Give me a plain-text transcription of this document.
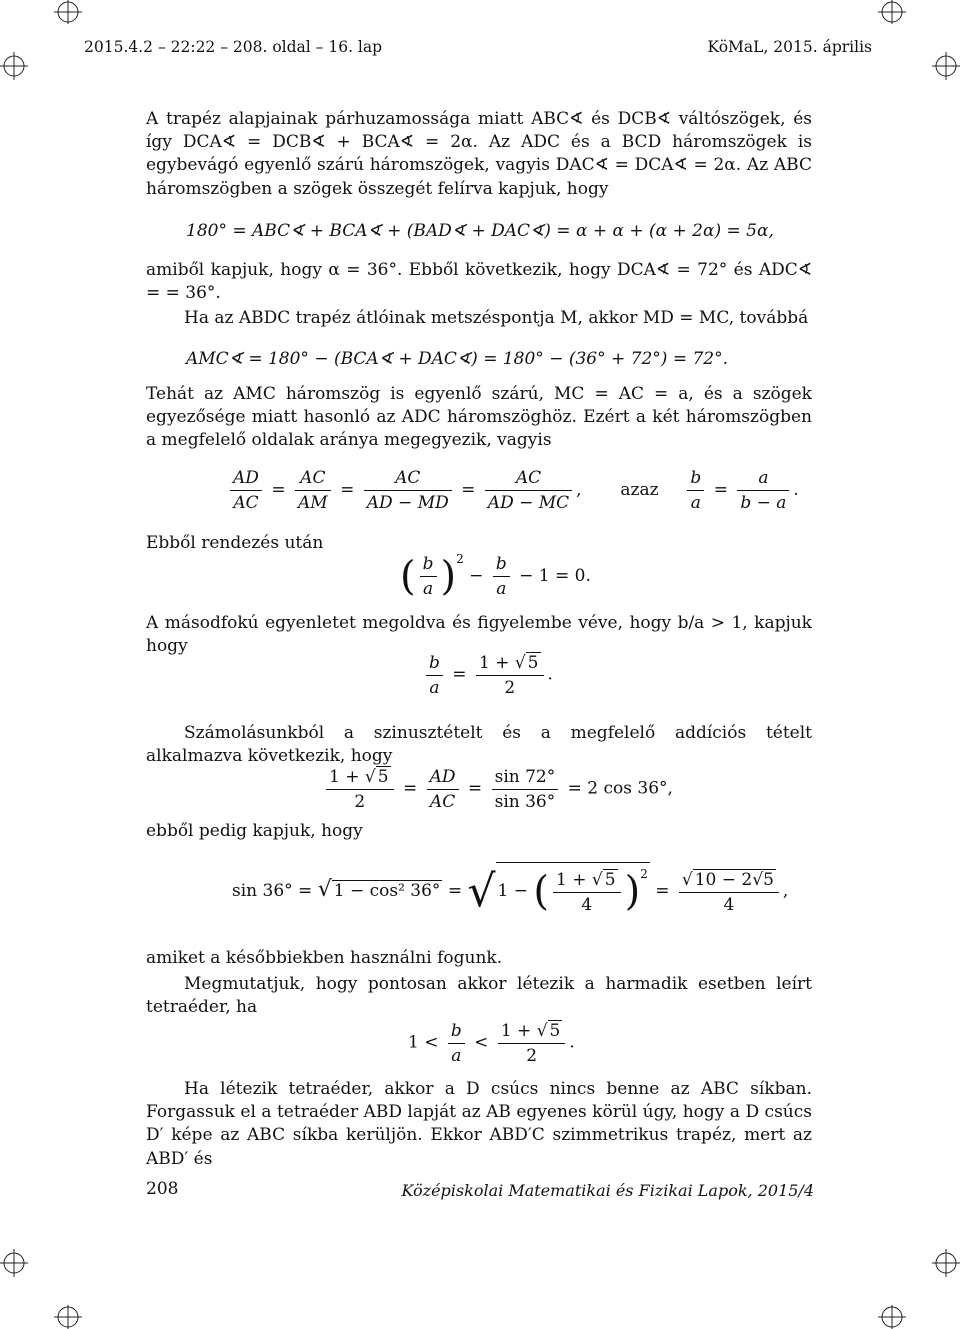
2015.4.2 – 22:22 – 208. oldal – 16. lap	KöMaL, 2015. április

A trapéz alapjainak párhuzamossága miatt ABC∢ és DCB∢ váltószögek, és így DCA∢ = DCB∢ + BCA∢ = 2α. Az ADC és a BCD háromszögek is egybevágó egyenlő szárú háromszögek, vagyis DAC∢ = DCA∢ = 2α. Az ABC háromszögben a szögek összegét felírva kapjuk, hogy

180° = ABC∢ + BCA∢ + (BAD∢ + DAC∢) = α + α + (α + 2α) = 5α,

amiből kapjuk, hogy α = 36°. Ebből következik, hogy DCA∢ = 72° és ADC∢ = = 36°.

Ha az ABDC trapéz átlóinak metszéspontja M, akkor MD = MC, továbbá

AMC∢ = 180° − (BCA∢ + DAC∢) = 180° − (36° + 72°) = 72°.

Tehát az AMC háromszög is egyenlő szárú, MC = AC = a, és a szögek egyezősége miatt hasonló az ADC háromszöghöz. Ezért a két háromszögben a megfelelő oldalak aránya megegyezik, vagyis

$\frac{AD}{AC} = \frac{AC}{AM} = \frac{AC}{AD - MD} = \frac{AC}{AD - MC}$ , azaz $\frac{b}{a} = \frac{a}{b - a}$ .

Ebből rendezés után

( $\frac{b}{a} )^2 - \frac{b}{a} - 1 = 0$.

A másodfokú egyenletet megoldva és figyelembe véve, hogy b/a > 1, kapjuk hogy

$\frac{b}{a} = \frac{1 + √ 5}{2}$ .

Számolásunkból a szinusztételt és a megfelelő addíciós tételt alkalmazva következik, hogy

$\frac{1 + √ 5}{2} = \frac{AD}{AC} = \frac{\sin 72^\circ}{\sin 36^\circ} = 2$ cos 36°,

ebből pedig kapjuk, hogy

sin 36° = √ 1 − cos² 36° = √ 1 − ( $\frac{1 + √ 5}{4} )^2 = \frac{√ 10 - 2√5}{4}$ ,

amiket a későbbiekben használni fogunk.

Megmutatjuk, hogy pontosan akkor létezik a harmadik esetben leírt tetraéder, ha

$1 < \frac{b}{a} < \frac{1 + √ 5}{2}$ .

Ha létezik tetraéder, akkor a D csúcs nincs benne az ABC síkban. Forgassuk el a tetraéder ABD lapját az AB egyenes körül úgy, hogy a D csúcs D′ képe az ABC síkba kerüljön. Ekkor ABD′C szimmetrikus trapéz, mert az ABD′ és

208	Középiskolai Matematikai és Fizikai Lapok, 2015/4
